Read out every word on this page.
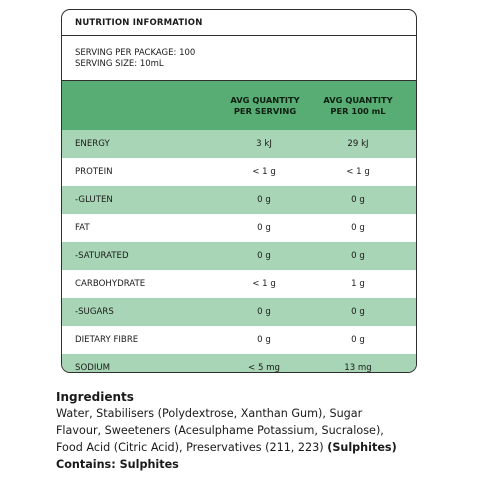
NUTRITION INFORMATION
SERVING PER PACKAGE: 100
SERVING SIZE: 10mL
AVG QUANTITY
PER SERVING
AVG QUANTITY
PER 100 mL
ENERGY	3 kJ	29 kJ
PROTEIN	< 1 g	< 1 g
-GLUTEN	0 g	0 g
FAT	0 g	0 g
-SATURATED	0 g	0 g
CARBOHYDRATE	< 1 g	1 g
-SUGARS	0 g	0 g
DIETARY FIBRE	0 g	0 g
SODIUM	< 5 mg	13 mg
Ingredients
Water, Stabilisers (Polydextrose, Xanthan Gum), Sugar
Flavour, Sweeteners (Acesulphame Potassium, Sucralose),
Food Acid (Citric Acid), Preservatives (211, 223) (Sulphites)
Contains: Sulphites
